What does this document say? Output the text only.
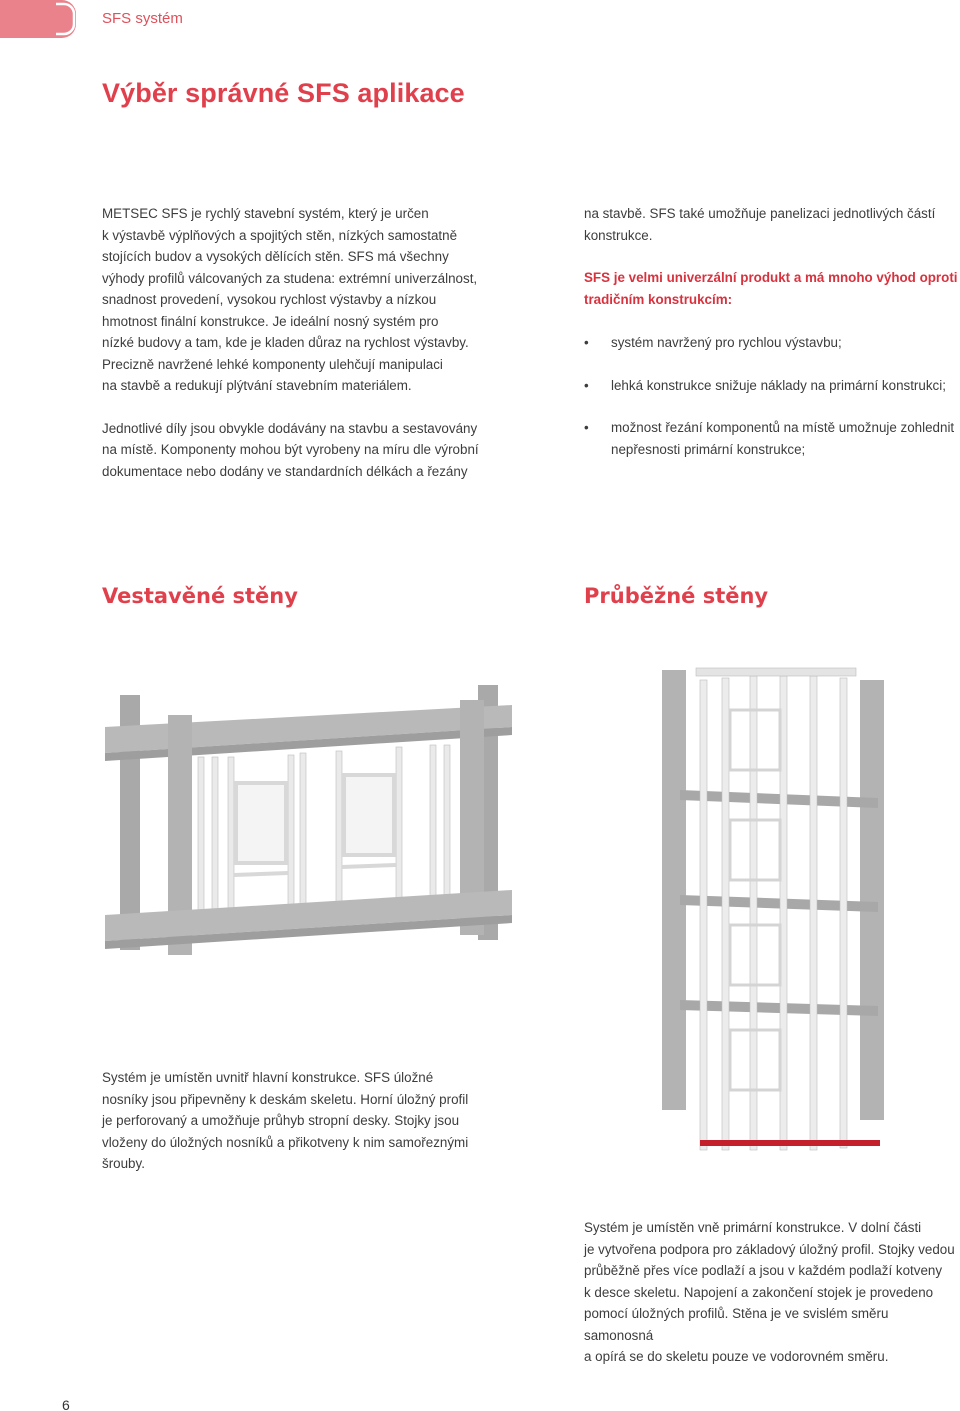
SFS systém
Výběr správné SFS aplikace

METSEC SFS je rychlý stavební systém, který je určen
k výstavbě výplňových a spojitých stěn, nízkých samostatně
stojících budov a vysokých dělících stěn. SFS má všechny
výhody profilů válcovaných za studena: extrémní univerzálnost,
snadnost provedení, vysokou rychlost výstavby a nízkou
hmotnost finální konstrukce. Je ideální nosný systém pro
nízké budovy a tam, kde je kladen důraz na rychlost výstavby.
Precizně navržené lehké komponenty ulehčují manipulaci
na stavbě a redukují plýtvání stavebním materiálem.

Jednotlivé díly jsou obvykle dodávány na stavbu a sestavovány
na místě. Komponenty mohou být vyrobeny na míru dle výrobní
dokumentace nebo dodány ve standardních délkách a řezány

na stavbě. SFS také umožňuje panelizaci jednotlivých částí
konstrukce.

SFS je velmi univerzální produkt a má mnoho výhod oproti
tradičním konstrukcím:

• systém navržený pro rychlou výstavbu;
• lehká konstrukce snižuje náklady na primární konstrukci;
• možnost řezání komponentů na místě umožnuje zohlednit
nepřesnosti primární konstrukce;
Vestavěné stěny	Průběžné stěny

Systém je umístěn uvnitř hlavní konstrukce. SFS úložné
nosníky jsou připevněny k deskám skeletu. Horní úložný profil
je perforovaný a umožňuje průhyb stropní desky. Stojky jsou
vloženy do úložných nosníků a přikotveny k nim samořeznými
šrouby.

Systém je umístěn vně primární konstrukce. V dolní části
je vytvořena podpora pro základový úložný profil. Stojky vedou
průběžně přes více podlaží a jsou v každém podlaží kotveny
k desce skeletu. Napojení a zakončení stojek je provedeno
pomocí úložných profilů. Stěna je ve svislém směru samonosná
a opírá se do skeletu pouze ve vodorovném směru.

6
